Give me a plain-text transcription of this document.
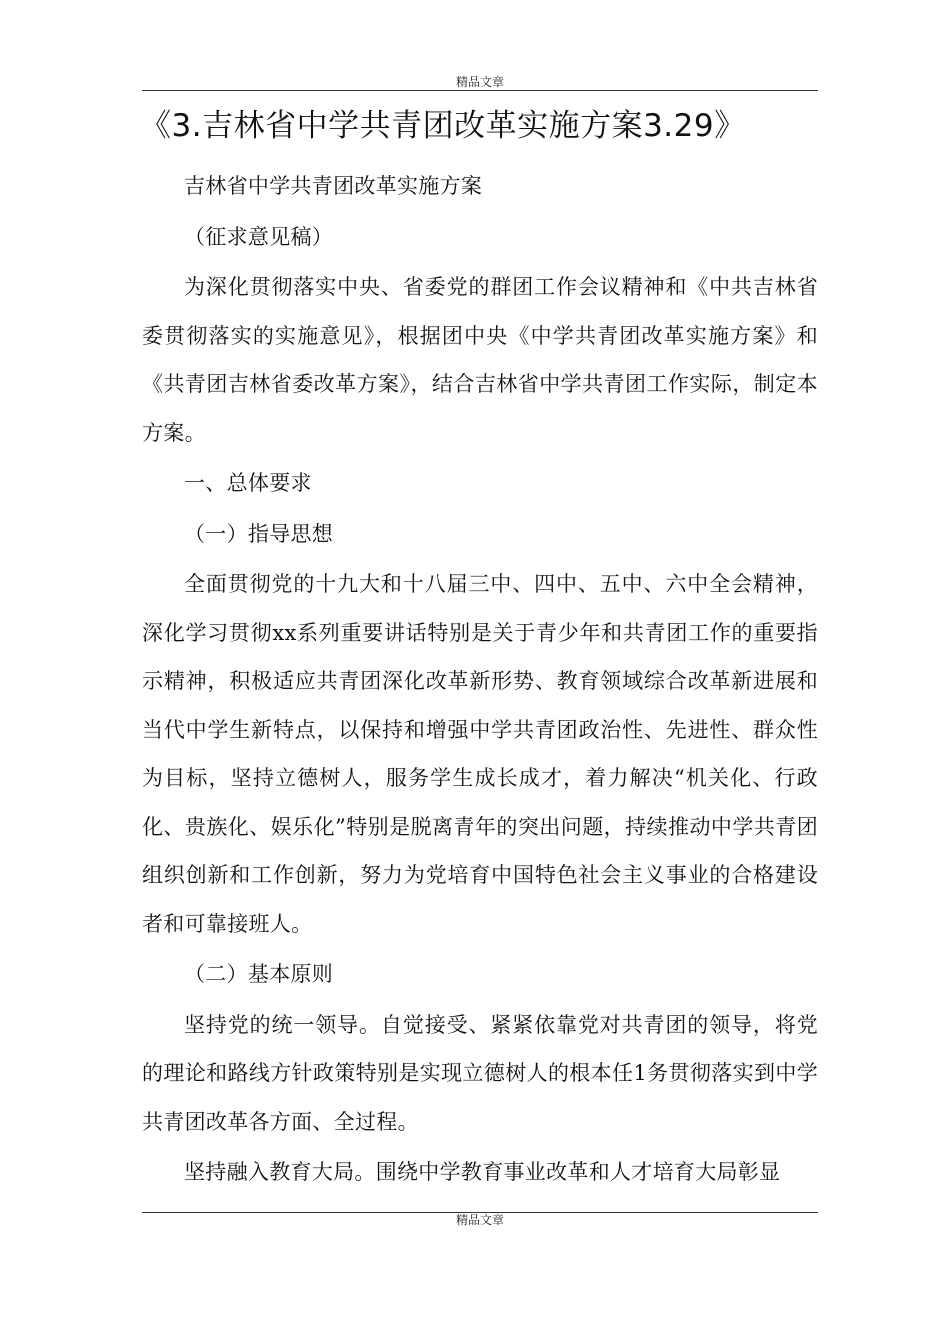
精品文章
《3.吉林省中学共青团改革实施方案3.29》

吉林省中学共青团改革实施方案

（征求意见稿）

为深化贯彻落实中央、省委党的群团工作会议精神和《中共吉林省委贯彻落实的实施意见》，根据团中央《中学共青团改革实施方案》和《共青团吉林省委改革方案》，结合吉林省中学共青团工作实际，制定本方案。

一、总体要求

（一）指导思想

全面贯彻党的十九大和十八届三中、四中、五中、六中全会精神，深化学习贯彻xx系列重要讲话特别是关于青少年和共青团工作的重要指示精神，积极适应共青团深化改革新形势、教育领域综合改革新进展和当代中学生新特点，以保持和增强中学共青团政治性、先进性、群众性为目标，坚持立德树人，服务学生成长成才，着力解决“机关化、行政化、贵族化、娱乐化”特别是脱离青年的突出问题，持续推动中学共青团组织创新和工作创新，努力为党培育中国特色社会主义事业的合格建设者和可靠接班人。

（二）基本原则

坚持党的统一领导。自觉接受、紧紧依靠党对共青团的领导，将党的理论和路线方针政策特别是实现立德树人的根本任1务贯彻落实到中学共青团改革各方面、全过程。

坚持融入教育大局。围绕中学教育事业改革和人才培育大局彰显

精品文章
